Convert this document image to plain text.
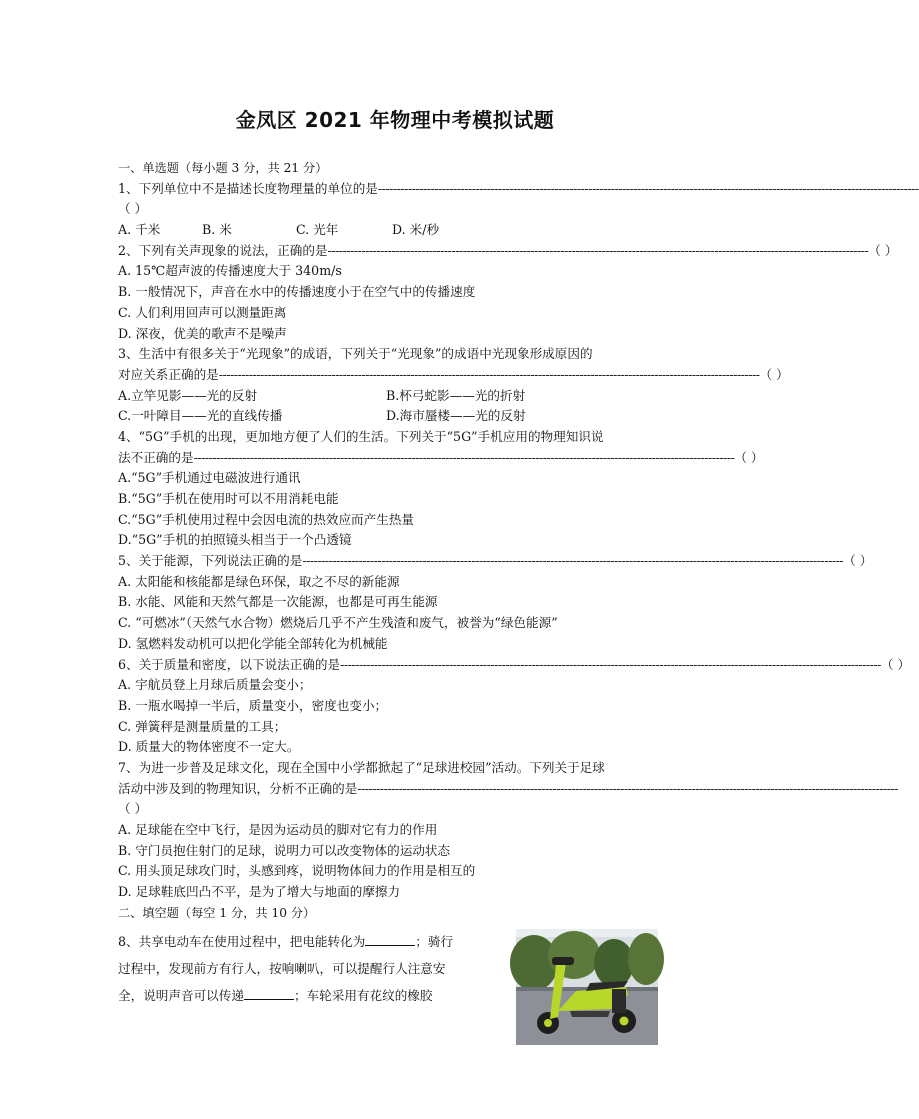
金凤区 2021 年物理中考模拟试题
一、单选题（每小题 3 分，共 21 分）
1、下列单位中不是描述长度物理量的单位的是 ------------------------------------------------------------------------------------------------------------------------------------------------
（ ）
A. 千米	B. 米	C. 光年	D. 米/秒
2、下列有关声现象的说法，正确的是 ------------------------------------------------------------------------------------------------------------------------------------------------ （ ）
A. 15℃超声波的传播速度大于 340m/s
B. 一般情况下，声音在水中的传播速度小于在空气中的传播速度
C. 人们利用回声可以测量距离
D. 深夜，优美的歌声不是噪声
3、生活中有很多关于“光现象”的成语，下列关于“光现象”的成语中光现象形成原因的
对应关系正确的是 ------------------------------------------------------------------------------------------------------------------------------------------------ （ ）
A.立竿见影——光的反射	B.杯弓蛇影——光的折射
C.一叶障目——光的直线传播	D.海市蜃楼——光的反射
4、“5G”手机的出现，更加地方便了人们的生活。下列关于“5G”手机应用的物理知识说
法不正确的是 ------------------------------------------------------------------------------------------------------------------------------------------------ （ ）
A.“5G”手机通过电磁波进行通讯
B.“5G”手机在使用时可以不用消耗电能
C.“5G”手机使用过程中会因电流的热效应而产生热量
D.“5G”手机的拍照镜头相当于一个凸透镜
5、关于能源，下列说法正确的是 ------------------------------------------------------------------------------------------------------------------------------------------------ （ ）
A. 太阳能和核能都是绿色环保，取之不尽的新能源
B. 水能、风能和天然气都是一次能源，也都是可再生能源
C. “可燃冰”（天然气水合物）燃烧后几乎不产生残渣和废气，被誉为“绿色能源”
D. 氢燃料发动机可以把化学能全部转化为机械能
6、关于质量和密度，以下说法正确的是 ------------------------------------------------------------------------------------------------------------------------------------------------ （ ）
A. 宇航员登上月球后质量会变小；
B. 一瓶水喝掉一半后，质量变小，密度也变小；
C. 弹簧秤是测量质量的工具；
D. 质量大的物体密度不一定大。
7、为进一步普及足球文化，现在全国中小学都掀起了“足球进校园”活动。下列关于足球
活动中涉及到的物理知识，分析不正确的是 ------------------------------------------------------------------------------------------------------------------------------------------------
（ ）
A. 足球能在空中飞行，是因为运动员的脚对它有力的作用
B. 守门员抱住射门的足球，说明力可以改变物体的运动状态
C. 用头顶足球攻门时，头感到疼，说明物体间力的作用是相互的
D. 足球鞋底凹凸不平，是为了增大与地面的摩擦力
二、填空题（每空 1 分，共 10 分）
8、共享电动车在使用过程中，把电能转化为	；骑行
过程中，发现前方有行人，按响喇叭，可以提醒行人注意安
全，说明声音可以传递	；车轮采用有花纹的橡胶
